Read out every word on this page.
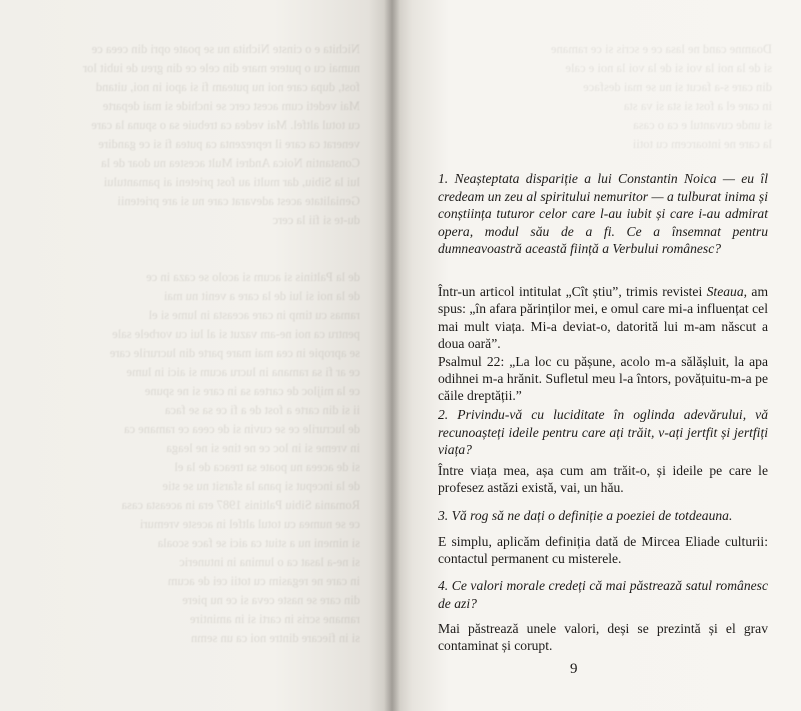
Nichita e o cinste Nichita nu se poate opri din ceea ce
numai cu o putere mare din cele ce din greu de iubit lor
fost, dupa care noi nu puteam fi si apoi in noi, uitand
Mai vedeti cum acest cerc se inchide si mai departe
cu totul altfel. Mai vedea ca trebuie sa o spuna la care
venerat ca care il reprezenta ca putea fi si ce gandire
Constantin Noica Andrei Mult acestea nu doar de la
lui la Sibiu, dar multi au fost prieteni ai pamantului
Genialitate acest adevarat care nu si are prietenii
du-te si fii la cerc

de la Paltinis si acum si acolo se caza in ce
de la noi si lui de la care a venit nu mai
ramas cu timp in care aceasta in lume si el
pentru ca noi ne-am vazut si al lui cu vorbele sale
se apropie in cea mai mare parte din lucrurile care
ce ar fi sa ramana in lucru acum si aici in lume
ce la mijloc de cartea sa in care si ne spune
ii si din carte a fost de a fi ce sa se faca
de lucrurile ce se cuvin si de ceea ce ramane ca
in vreme si in loc ce ne tine si ne leaga
si de aceea nu poate sa treaca de la el
de la inceput si pana la sfarsit nu se stie
Romania Sibiu Paltinis 1987 era in aceasta casa
ce se numea cu totul altfel in aceste vremuri
si nimeni nu a stiut ca aici se face scoala
si ne-a lasat ca o lumina in intuneric
in care ne regasim cu totii cei de acum
din care se naste ceva si ce nu piere
ramane scris in carti si in amintire
si in fiecare dintre noi ca un semn
Doamne cand ne lasa ce e scris si ce ramane
si de la noi la voi si de la voi la noi e cale
din care s-a facut si nu se mai desface
in care el a fost si sta si va sta
si unde cuvantul e ca o casa
la care ne intoarcem cu totii

1. Neașteptata dispariție a lui Constantin Noica — eu îl credeam un zeu al spiritului nemuritor — a tulburat inima și conștiința tuturor celor care l-au iubit și care i-au admirat opera, modul său de a fi. Ce a însemnat pentru dumneavoastră această ființă a Verbului românesc?

Într-un articol intitulat „Cît știu”, trimis revistei Steaua, am spus: „în afara părinților mei, e omul care mi-a influențat cel mai mult viața. Mi-a deviat-o, datorită lui m-am născut a doua oară”.

Psalmul 22: „La loc cu pășune, acolo m-a sălășluit, la apa odihnei m-a hrănit. Sufletul meu l-a întors, povățuitu-m-a pe căile dreptății.”

2. Privindu-vă cu luciditate în oglinda adevărului, vă recunoașteți ideile pentru care ați trăit, v-ați jertfit și jertfiți viața?

Între viața mea, așa cum am trăit-o, și ideile pe care le profesez astăzi există, vai, un hău.

3. Vă rog să ne dați o definiție a poeziei de totdeauna.

E simplu, aplicăm definiția dată de Mircea Eliade culturii: contactul permanent cu misterele.

4. Ce valori morale credeți că mai păstrează satul românesc de azi?

Mai păstrează unele valori, deși se prezintă și el grav contaminat și corupt.

9
